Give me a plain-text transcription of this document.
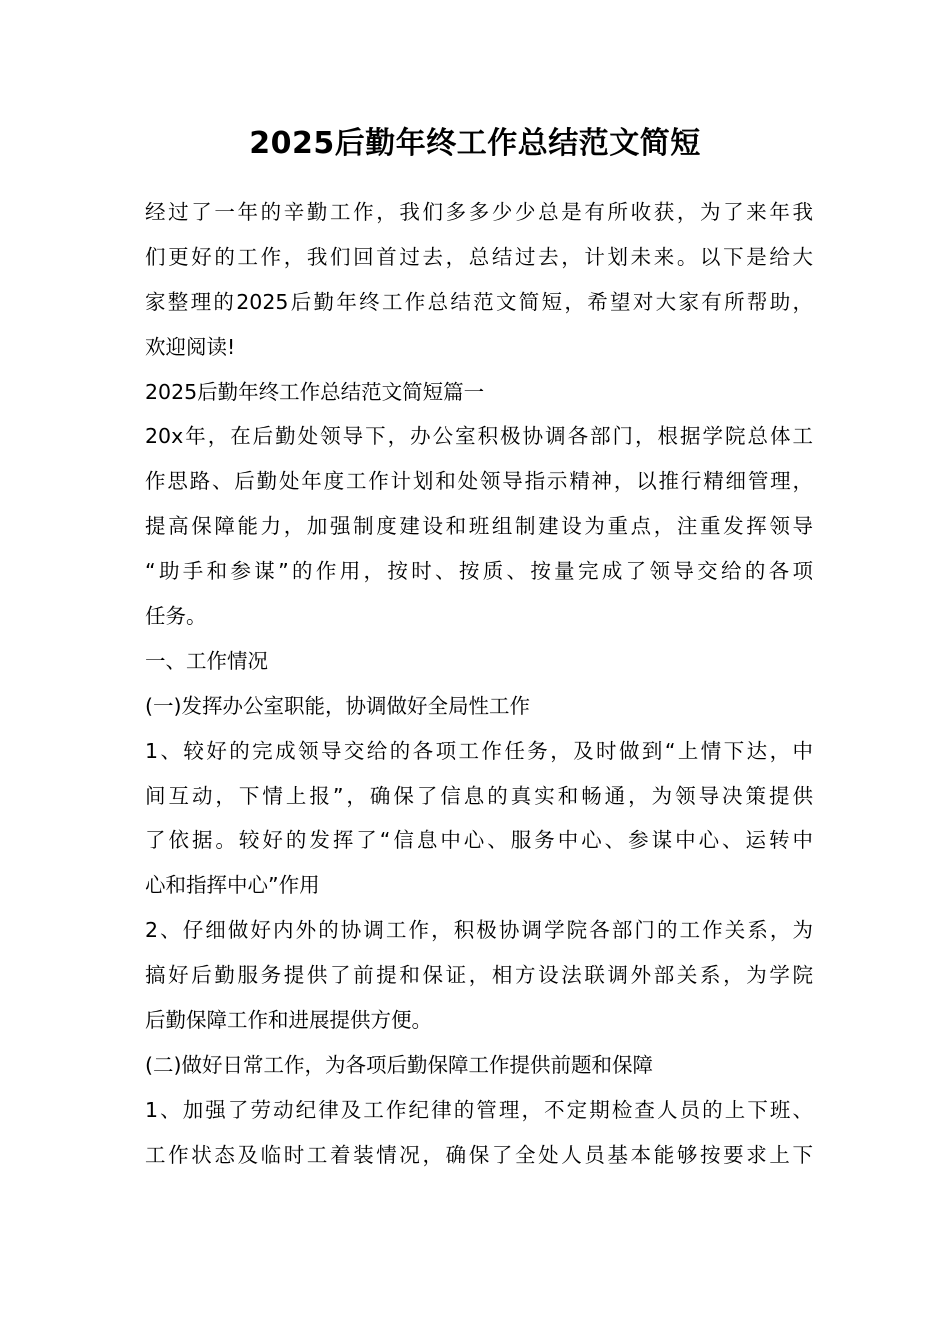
2025后勤年终工作总结范文简短
经过了一年的辛勤工作，我们多多少少总是有所收获，为了来年我
们更好的工作，我们回首过去，总结过去，计划未来。以下是给大
家整理的2025后勤年终工作总结范文简短，希望对大家有所帮助，
欢迎阅读!
2025后勤年终工作总结范文简短篇一
20x年，在后勤处领导下，办公室积极协调各部门，根据学院总体工
作思路、后勤处年度工作计划和处领导指示精神，以推行精细管理，
提高保障能力，加强制度建设和班组制建设为重点，注重发挥领导
“助手和参谋”的作用，按时、按质、按量完成了领导交给的各项
任务。
一、工作情况
(一)发挥办公室职能，协调做好全局性工作
1、较好的完成领导交给的各项工作任务，及时做到“上情下达，中
间互动，下情上报”，确保了信息的真实和畅通，为领导决策提供
了依据。较好的发挥了“信息中心、服务中心、参谋中心、运转中
心和指挥中心”作用
2、仔细做好内外的协调工作，积极协调学院各部门的工作关系，为
搞好后勤服务提供了前提和保证，相方设法联调外部关系，为学院
后勤保障工作和进展提供方便。
(二)做好日常工作，为各项后勤保障工作提供前题和保障
1、加强了劳动纪律及工作纪律的管理，不定期检查人员的上下班、
工作状态及临时工着装情况，确保了全处人员基本能够按要求上下
